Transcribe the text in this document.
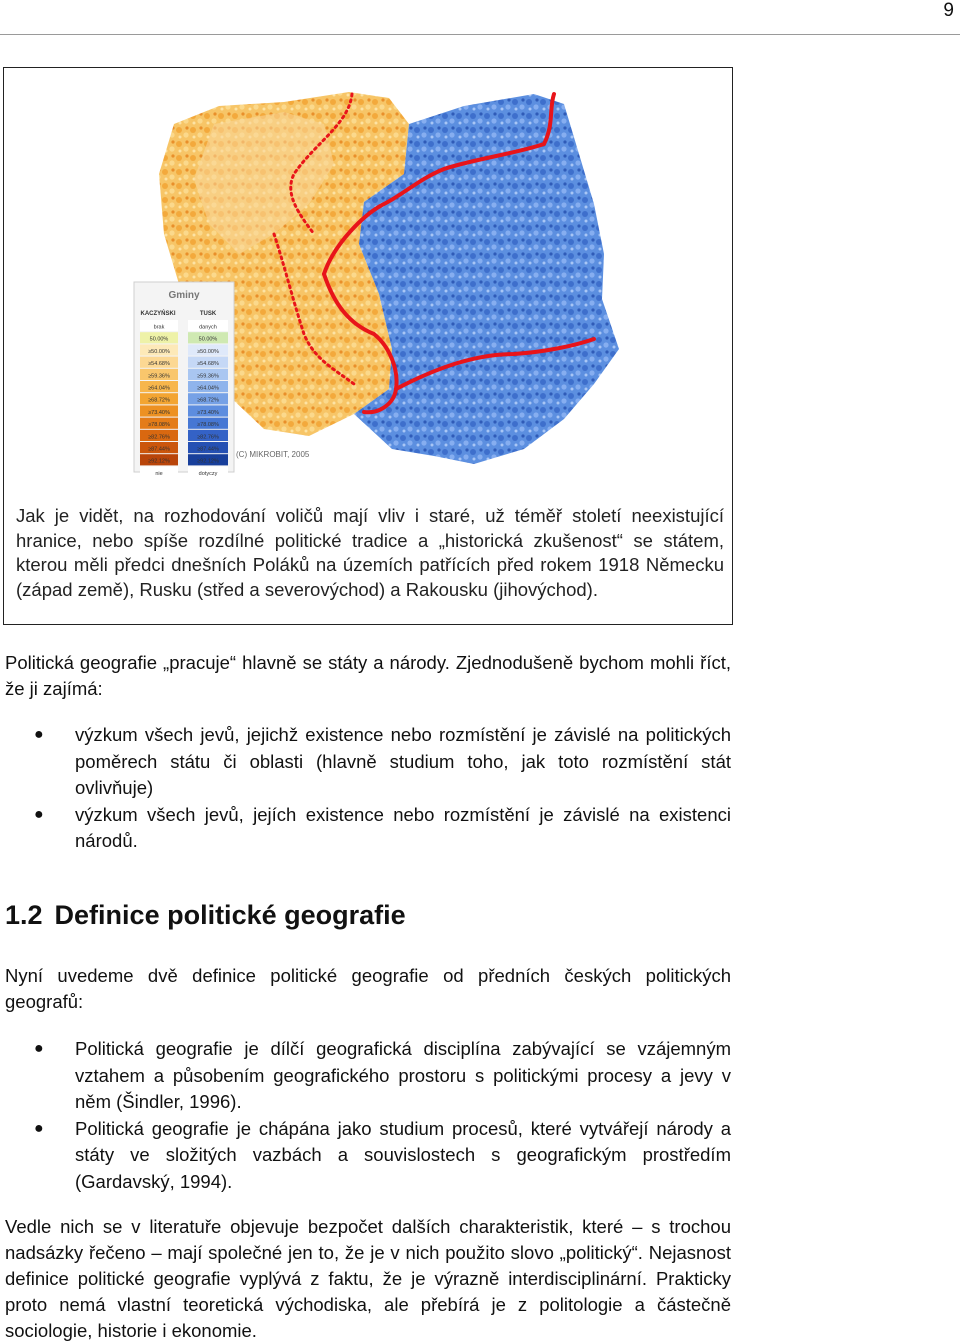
9
Gminy
KACZYŃSKI	TUSK
brak	danych
50.00%	50.00%
≥50.00%	≥50.00%
≥54.68%	≥54.68%
≥59.36%	≥59.36%
≥64.04%	≥64.04%
≥68.72%	≥68.72%
≥73.40%	≥73.40%
≥78.08%	≥78.08%
≥82.76%	≥82.76%
≥87.44%	≥87.44%
≥92.12%	≥92.12%
nie	dotyczy
(C) MIKROBIT, 2005
Jak je vidět, na rozhodování voličů mají vliv i staré, už téměř století neexistující hranice, nebo spíše rozdílné politické tradice a „historická zkušenost“ se státem, kterou měli předci dnešních Poláků na územích patřících před rokem 1918 Německu (západ země), Rusku (střed a severovýchod) a Rakousku (jihovýchod).
Politická geografie „pracuje“ hlavně se státy a národy. Zjednodušeně bychom mohli říct, že ji zajímá:
● výzkum všech jevů, jejichž existence nebo rozmístění je závislé na politických poměrech státu či oblasti (hlavně studium toho, jak toto rozmístění stát ovlivňuje)
● výzkum všech jevů, jejích existence nebo rozmístění je závislé na existenci národů.
1.2 Definice politické geografie
Nyní uvedeme dvě definice politické geografie od předních českých politických geografů:
● Politická geografie je dílčí geografická disciplína zabývající se vzájemným vztahem a působením geografického prostoru s politickými procesy a jevy v něm (Šindler, 1996).
● Politická geografie je chápána jako studium procesů, které vytvářejí národy a státy ve složitých vazbách a souvislostech s geografickým prostředím (Gardavský, 1994).
Vedle nich se v literatuře objevuje bezpočet dalších charakteristik, které – s trochou nadsázky řečeno – mají společné jen to, že je v nich použito slovo „politický“. Nejasnost definice politické geografie vyplývá z faktu, že je výrazně interdisciplinární. Prakticky proto nemá vlastní teoretická východiska, ale přebírá je z politologie a částečně sociologie, historie i ekonomie.
